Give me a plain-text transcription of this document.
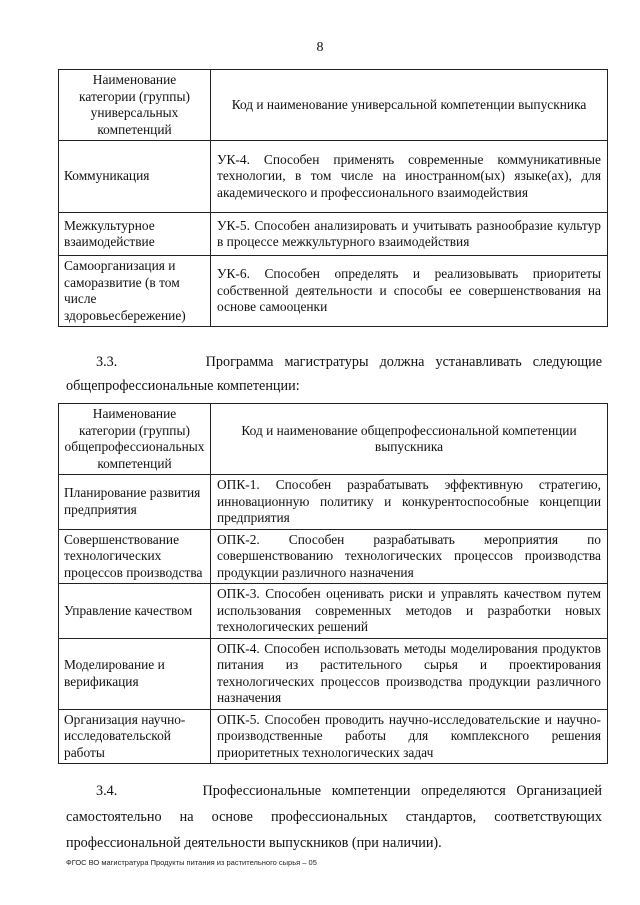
8
Наименование категории (группы) универсальных компетенций	Код и наименование универсальной компетенции выпускника
Коммуникация	УК-4. Способен применять современные коммуникативные технологии, в том числе на иностранном(ых) языке(ах), для академического и профессионального взаимодействия
Межкультурное взаимодействие	УК-5. Способен анализировать и учитывать разнообразие культур в процессе межкультурного взаимодействия
Самоорганизация и саморазвитие (в том числе здоровьесбережение)	УК-6. Способен определять и реализовывать приоритеты собственной деятельности и способы ее совершенствования на основе самооценки
3.3.	Программа магистратуры должна устанавливать следующие общепрофессиональные компетенции:
Наименование категории (группы) общепрофессиональных компетенций	Код и наименование общепрофессиональной компетенции выпускника
Планирование развития предприятия	ОПК-1. Способен разрабатывать эффективную стратегию, инновационную политику и конкурентоспособные концепции предприятия
Совершенствование технологических процессов производства	ОПК-2. Способен разрабатывать мероприятия по совершенствованию технологических процессов производства продукции различного назначения
Управление качеством	ОПК-3. Способен оценивать риски и управлять качеством путем использования современных методов и разработки новых технологических решений
Моделирование и верификация	ОПК-4. Способен использовать методы моделирования продуктов питания из растительного сырья и проектирования технологических процессов производства продукции различного назначения
Организация научно-исследовательской работы	ОПК-5. Способен проводить научно-исследовательские и научно-производственные работы для комплексного решения приоритетных технологических задач
3.4.	Профессиональные компетенции определяются Организацией самостоятельно на основе профессиональных стандартов, соответствующих профессиональной деятельности выпускников (при наличии).
ФГОС ВО магистратура Продукты питания из растительного сырья – 05
